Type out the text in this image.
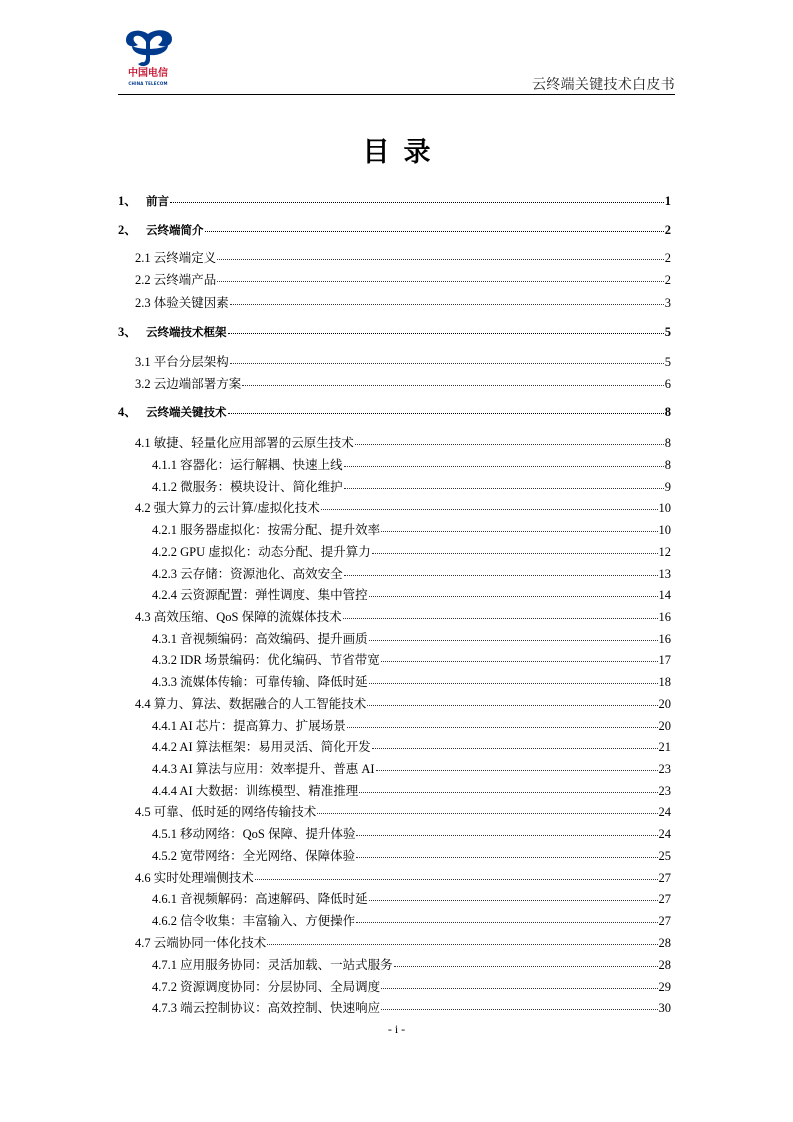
中国电信
CHINA TELECOM	云终端关键技术白皮书
目录
1、 前言	1
2、 云终端简介	2
2.1 云终端定义	2
2.2 云终端产品	2
2.3 体验关键因素	3
3、 云终端技术框架	5
3.1 平台分层架构	5
3.2 云边端部署方案	6
4、 云终端关键技术	8
4.1 敏捷、轻量化应用部署的云原生技术	8
4.1.1 容器化：运行解耦、快速上线	8
4.1.2 微服务：模块设计、简化维护	9
4.2 强大算力的云计算/虚拟化技术	10
4.2.1 服务器虚拟化：按需分配、提升效率	10
4.2.2 GPU 虚拟化：动态分配、提升算力	12
4.2.3 云存储：资源池化、高效安全	13
4.2.4 云资源配置：弹性调度、集中管控	14
4.3 高效压缩、QoS 保障的流媒体技术	16
4.3.1 音视频编码：高效编码、提升画质	16
4.3.2 IDR 场景编码：优化编码、节省带宽	17
4.3.3 流媒体传输：可靠传输、降低时延	18
4.4 算力、算法、数据融合的人工智能技术	20
4.4.1 AI 芯片：提高算力、扩展场景	20
4.4.2 AI 算法框架：易用灵活、简化开发	21
4.4.3 AI 算法与应用：效率提升、普惠 AI	23
4.4.4 AI 大数据：训练模型、精准推理	23
4.5 可靠、低时延的网络传输技术	24
4.5.1 移动网络：QoS 保障、提升体验	24
4.5.2 宽带网络：全光网络、保障体验	25
4.6 实时处理端侧技术	27
4.6.1 音视频解码：高速解码、降低时延	27
4.6.2 信令收集：丰富输入、方便操作	27
4.7 云端协同一体化技术	28
4.7.1 应用服务协同：灵活加载、一站式服务	28
4.7.2 资源调度协同：分层协同、全局调度	29
4.7.3 端云控制协议：高效控制、快速响应	30
- i -
